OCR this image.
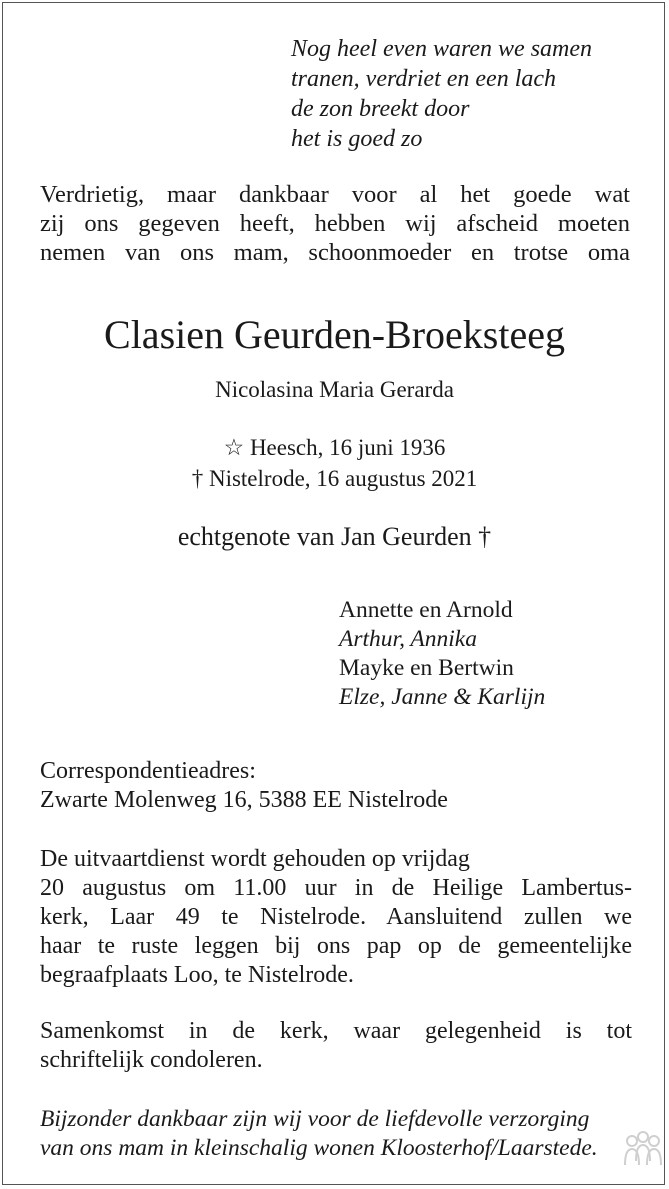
Nog heel even waren we samen
tranen, verdriet en een lach
de zon breekt door
het is goed zo
Verdrietig, maar dankbaar voor al het goede wat
zij ons gegeven heeft, hebben wij afscheid moeten
nemen van ons mam, schoonmoeder en trotse oma
Clasien Geurden-Broeksteeg
Nicolasina Maria Gerarda
☆ Heesch, 16 juni 1936
† Nistelrode, 16 augustus 2021
echtgenote van Jan Geurden †
Annette en Arnold
Arthur, Annika
Mayke en Bertwin
Elze, Janne & Karlijn
Correspondentieadres:
Zwarte Molenweg 16, 5388 EE Nistelrode
De uitvaartdienst wordt gehouden op vrijdag
20 augustus om 11.00 uur in de Heilige Lambertus-
kerk, Laar 49 te Nistelrode. Aansluitend zullen we
haar te ruste leggen bij ons pap op de gemeentelijke
begraafplaats Loo, te Nistelrode.
Samenkomst in de kerk, waar gelegenheid is tot
schriftelijk condoleren.
Bijzonder dankbaar zijn wij voor de liefdevolle verzorging
van ons mam in kleinschalig wonen Kloosterhof/Laarstede.
